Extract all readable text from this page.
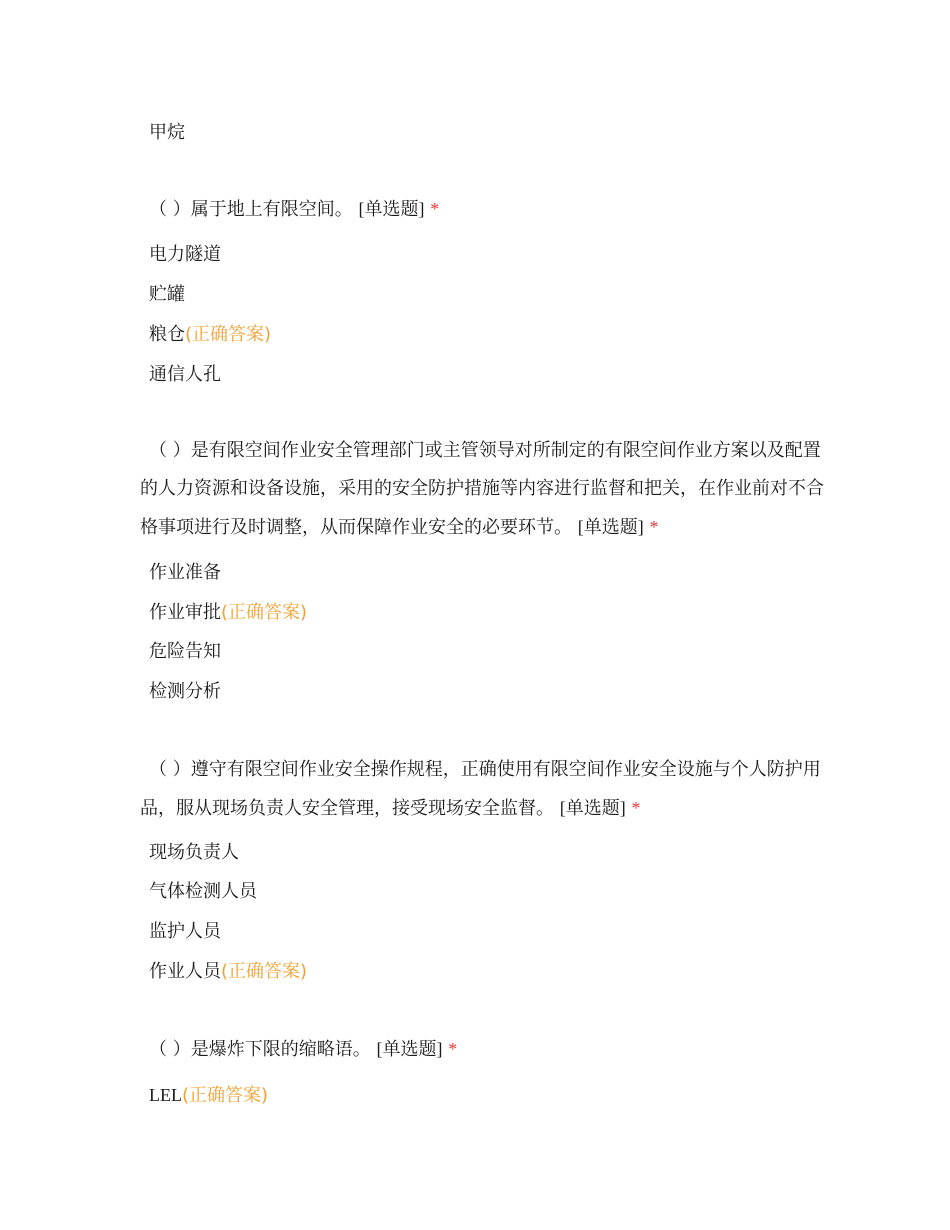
甲烷
（ ）属于地上有限空间。 [单选题] *
电力隧道
贮罐
粮仓(正确答案)
通信人孔
（ ）是有限空间作业安全管理部门或主管领导对所制定的有限空间作业方案以及配置的人力资源和设备设施，采用的安全防护措施等内容进行监督和把关，在作业前对不合格事项进行及时调整，从而保障作业安全的必要环节。 [单选题] *
作业准备
作业审批(正确答案)
危险告知
检测分析
（ ）遵守有限空间作业安全操作规程，正确使用有限空间作业安全设施与个人防护用品，服从现场负责人安全管理，接受现场安全监督。 [单选题] *
现场负责人
气体检测人员
监护人员
作业人员(正确答案)
（ ）是爆炸下限的缩略语。 [单选题] *
LEL(正确答案)
